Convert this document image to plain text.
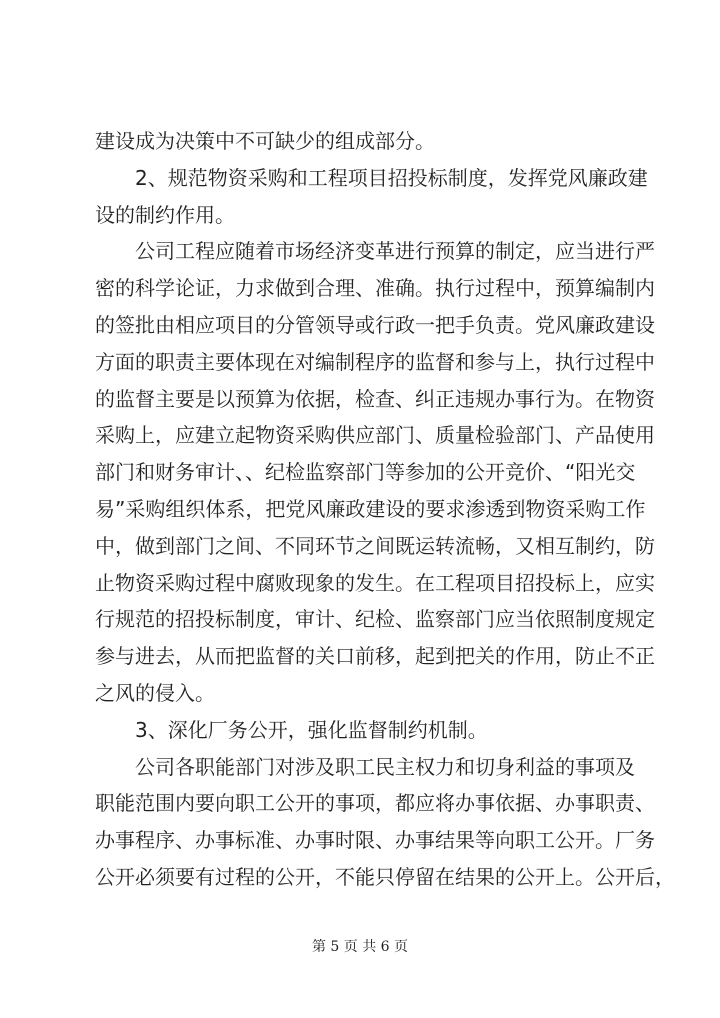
建设成为决策中不可缺少的组成部分。
2、规范物资采购和工程项目招投标制度，发挥党风廉政建
设的制约作用。
公司工程应随着市场经济变革进行预算的制定，应当进行严
密的科学论证，力求做到合理、准确。执行过程中，预算编制内
的签批由相应项目的分管领导或行政一把手负责。党风廉政建设
方面的职责主要体现在对编制程序的监督和参与上，执行过程中
的监督主要是以预算为依据，检查、纠正违规办事行为。在物资
采购上，应建立起物资采购供应部门、质量检验部门、产品使用
部门和财务审计、、纪检监察部门等参加的公开竞价、“阳光交
易”采购组织体系，把党风廉政建设的要求渗透到物资采购工作
中，做到部门之间、不同环节之间既运转流畅，又相互制约，防
止物资采购过程中腐败现象的发生。在工程项目招投标上，应实
行规范的招投标制度，审计、纪检、监察部门应当依照制度规定
参与进去，从而把监督的关口前移，起到把关的作用，防止不正
之风的侵入。
3、深化厂务公开，强化监督制约机制。
公司各职能部门对涉及职工民主权力和切身利益的事项及
职能范围内要向职工公开的事项，都应将办事依据、办事职责、
办事程序、办事标准、办事时限、办事结果等向职工公开。厂务
公开必须要有过程的公开，不能只停留在结果的公开上。公开后，
第 5 页 共 6 页
